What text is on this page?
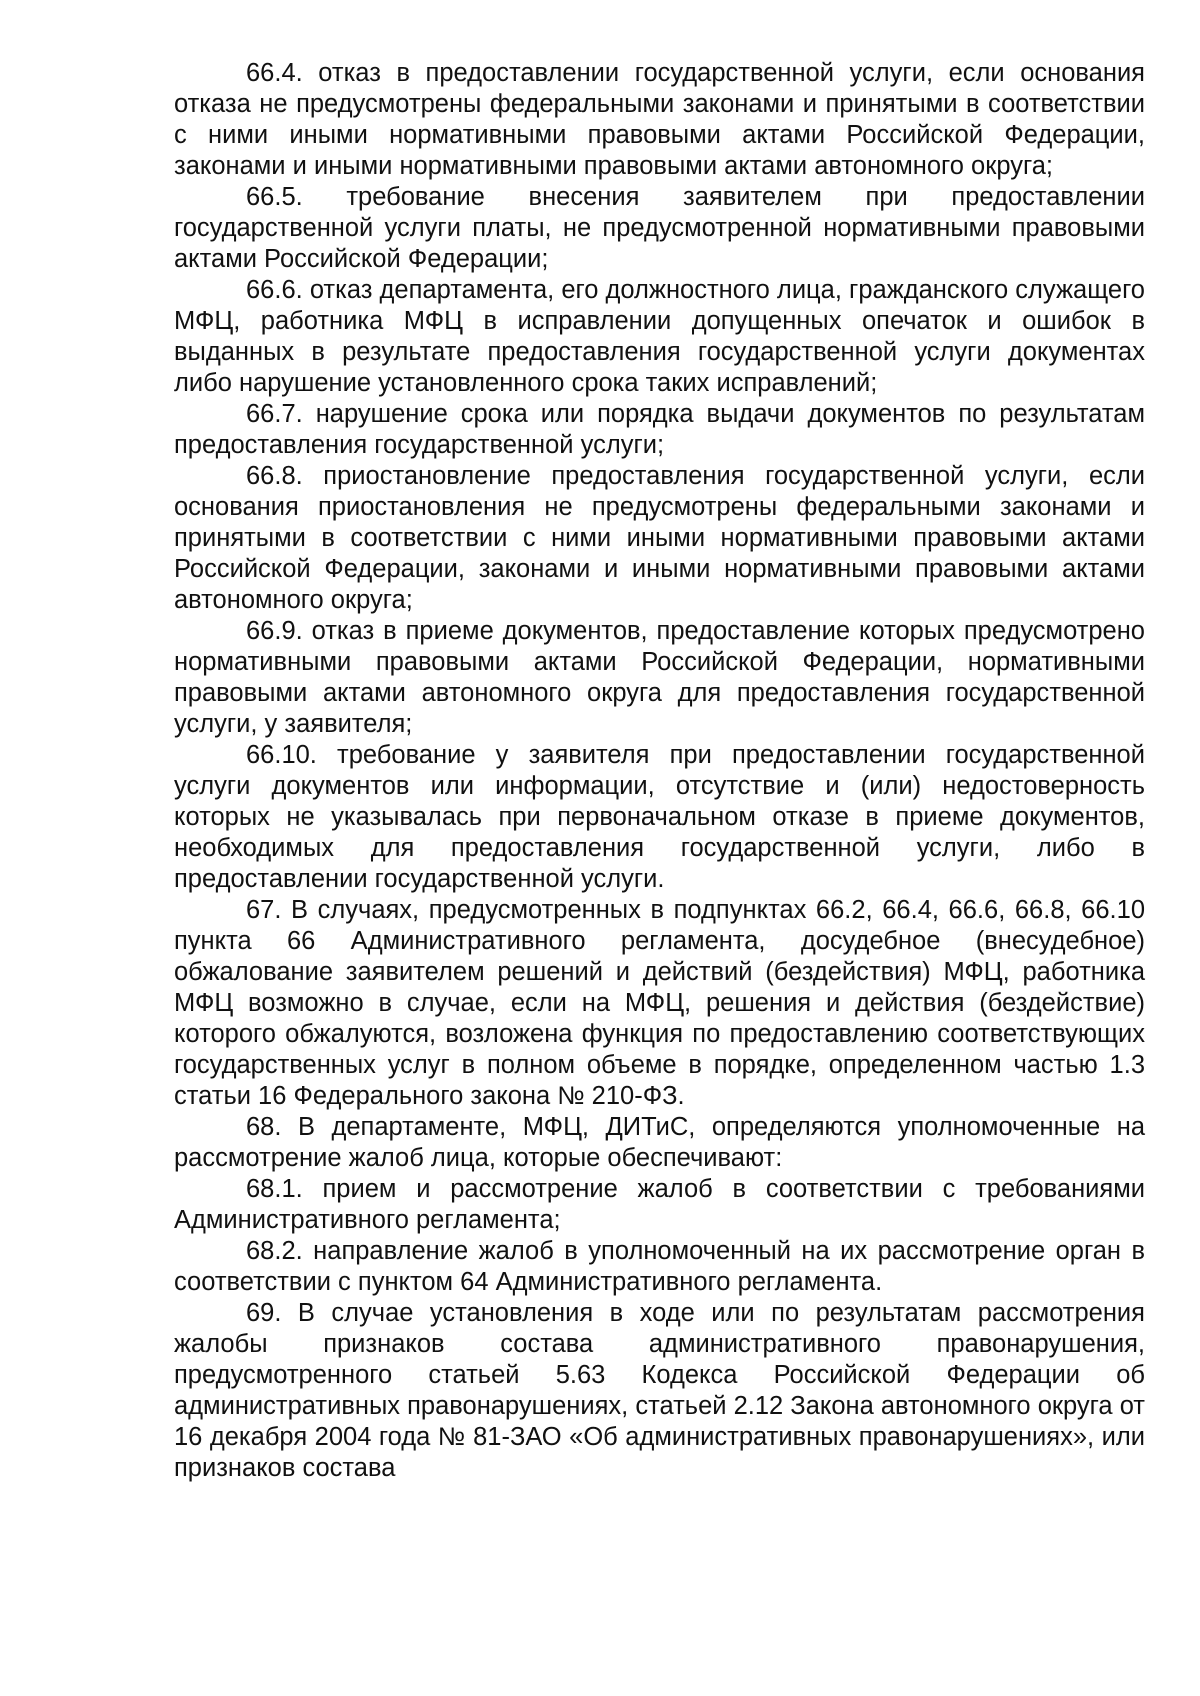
66.4. отказ в предоставлении государственной услуги, если основания отказа не предусмотрены федеральными законами и принятыми в соответствии с ними иными нормативными правовыми актами Российской Федерации, законами и иными нормативными правовыми актами автономного округа;

66.5. требование внесения заявителем при предоставлении государственной услуги платы, не предусмотренной нормативными правовыми актами Российской Федерации;

66.6. отказ департамента, его должностного лица, гражданского служащего МФЦ, работника МФЦ в исправлении допущенных опечаток и ошибок в выданных в результате предоставления государственной услуги документах либо нарушение установленного срока таких исправлений;

66.7. нарушение срока или порядка выдачи документов по результатам предоставления государственной услуги;

66.8. приостановление предоставления государственной услуги, если основания приостановления не предусмотрены федеральными законами и принятыми в соответствии с ними иными нормативными правовыми актами Российской Федерации, законами и иными нормативными правовыми актами автономного округа;

66.9. отказ в приеме документов, предоставление которых предусмотрено нормативными правовыми актами Российской Федерации, нормативными правовыми актами автономного округа для предоставления государственной услуги, у заявителя;

66.10. требование у заявителя при предоставлении государственной услуги документов или информации, отсутствие и (или) недостоверность которых не указывалась при первоначальном отказе в приеме документов, необходимых для предоставления государственной услуги, либо в предоставлении государственной услуги.

67. В случаях, предусмотренных в подпунктах 66.2, 66.4, 66.6, 66.8, 66.10 пункта 66 Административного регламента, досудебное (внесудебное) обжалование заявителем решений и действий (бездействия) МФЦ, работника МФЦ возможно в случае, если на МФЦ, решения и действия (бездействие) которого обжалуются, возложена функция по предоставлению соответствующих государственных услуг в полном объеме в порядке, определенном частью 1.3 статьи 16 Федерального закона № 210-ФЗ.

68. В департаменте, МФЦ, ДИТиС, определяются уполномоченные на рассмотрение жалоб лица, которые обеспечивают:

68.1. прием и рассмотрение жалоб в соответствии с требованиями Административного регламента;

68.2. направление жалоб в уполномоченный на их рассмотрение орган в соответствии с пунктом 64 Административного регламента.

69. В случае установления в ходе или по результатам рассмотрения жалобы признаков состава административного правонарушения, предусмотренного статьей 5.63 Кодекса Российской Федерации об административных правонарушениях, статьей 2.12 Закона автономного округа от 16 декабря 2004 года № 81-ЗАО «Об административных правонарушениях», или признаков состава
